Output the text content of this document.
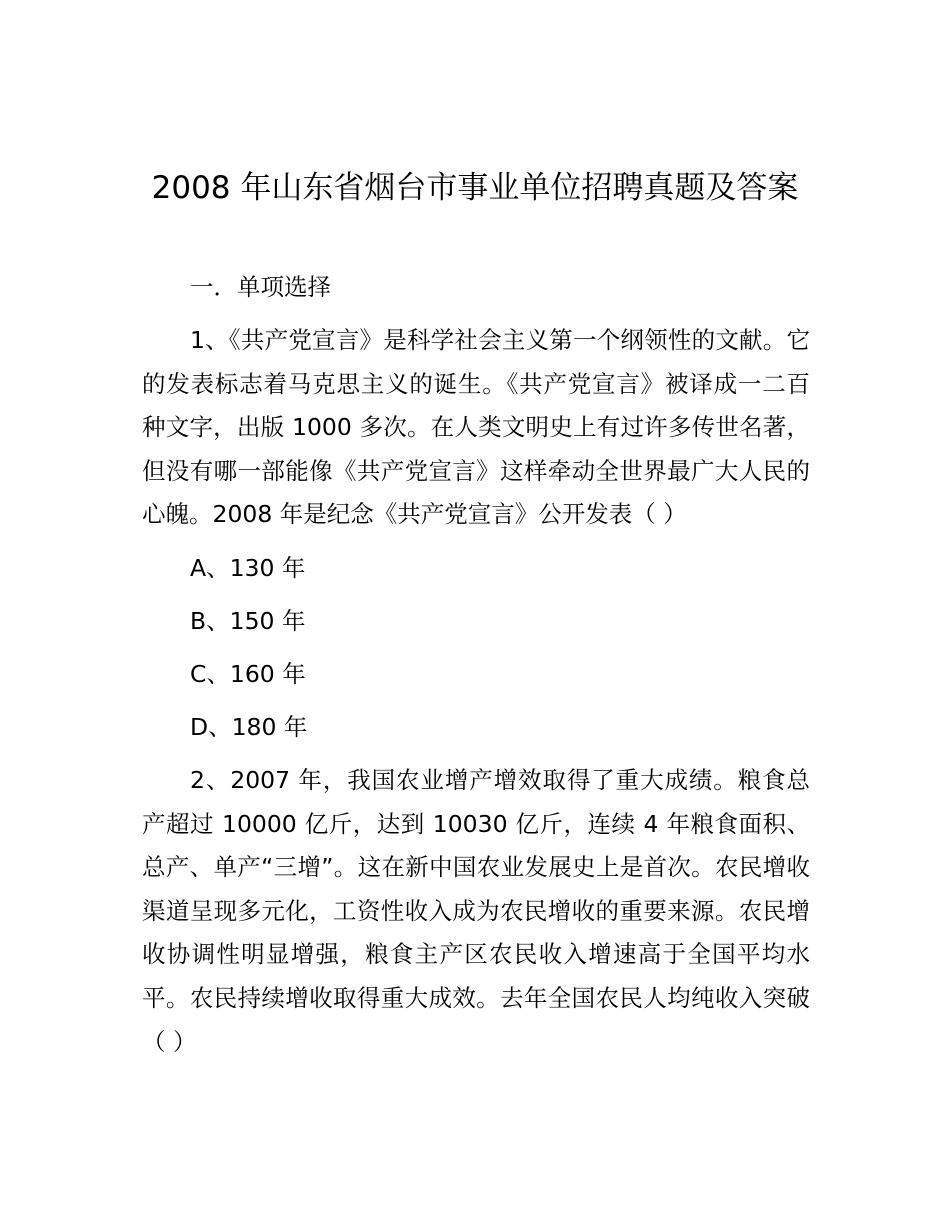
2008 年山东省烟台市事业单位招聘真题及答案

一．单项选择

1、《共产党宣言》是科学社会主义第一个纲领性的文献。它的发表标志着马克思主义的诞生。《共产党宣言》被译成一二百种文字，出版 1000 多次。在人类文明史上有过许多传世名著，但没有哪一部能像《共产党宣言》这样牵动全世界最广大人民的心魄。2008 年是纪念《共产党宣言》公开发表（ ）

A、130 年

B、150 年

C、160 年

D、180 年

2、2007 年，我国农业增产增效取得了重大成绩。粮食总产超过 10000 亿斤，达到 10030 亿斤，连续 4 年粮食面积、总产、单产“三增”。这在新中国农业发展史上是首次。农民增收渠道呈现多元化，工资性收入成为农民增收的重要来源。农民增收协调性明显增强，粮食主产区农民收入增速高于全国平均水平。农民持续增收取得重大成效。去年全国农民人均纯收入突破（ ）
